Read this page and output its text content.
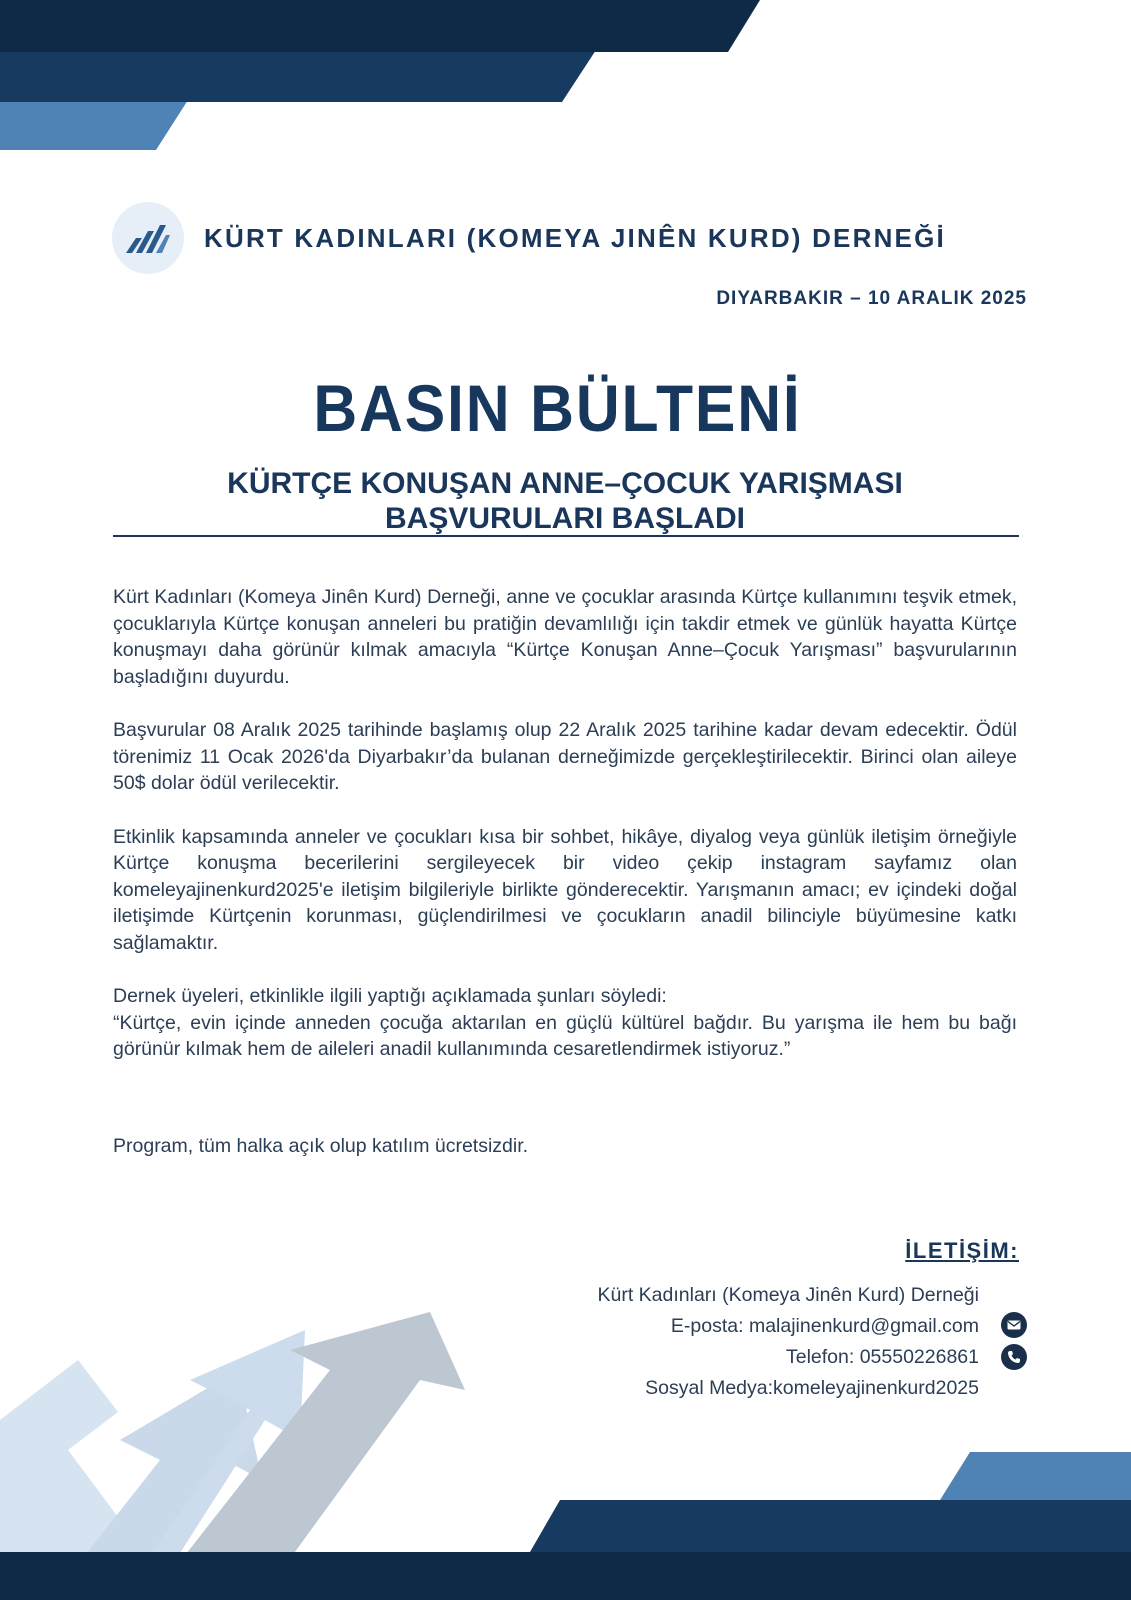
KÜRT KADINLARI (KOMEYA JINÊN KURD) DERNEĞİ
DIYARBAKIR – 10 ARALIK 2025
BASIN BÜLTENİ
KÜRTÇE KONUŞAN ANNE–ÇOCUK YARIŞMASI
BAŞVURULARI BAŞLADI

Kürt Kadınları (Komeya Jinên Kurd) Derneği, anne ve çocuklar arasında Kürtçe kullanımını teşvik etmek, çocuklarıyla Kürtçe konuşan anneleri bu pratiğin devamlılığı için takdir etmek ve günlük hayatta Kürtçe konuşmayı daha görünür kılmak amacıyla “Kürtçe Konuşan Anne–Çocuk Yarışması” başvurularının başladığını duyurdu.

Başvurular 08 Aralık 2025 tarihinde başlamış olup 22 Aralık 2025 tarihine kadar devam edecektir. Ödül törenimiz 11 Ocak 2026'da Diyarbakır’da bulanan derneğimizde gerçekleştirilecektir. Birinci olan aileye 50$ dolar ödül verilecektir.

Etkinlik kapsamında anneler ve çocukları kısa bir sohbet, hikâye, diyalog veya günlük iletişim örneğiyle Kürtçe konuşma becerilerini sergileyecek bir video çekip instagram sayfamız olan komeleyajinenkurd2025'e iletişim bilgileriyle birlikte gönderecektir. Yarışmanın amacı; ev içindeki doğal iletişimde Kürtçenin korunması, güçlendirilmesi ve çocukların anadil bilinciyle büyümesine katkı sağlamaktır.

Dernek üyeleri, etkinlikle ilgili yaptığı açıklamada şunları söyledi:

“Kürtçe, evin içinde anneden çocuğa aktarılan en güçlü kültürel bağdır. Bu yarışma ile hem bu bağı görünür kılmak hem de aileleri anadil kullanımında cesaretlendirmek istiyoruz.”

Program, tüm halka açık olup katılım ücretsizdir.

İLETİŞİM:
Kürt Kadınları (Komeya Jinên Kurd) Derneği
E-posta: malajinenkurd@gmail.com
Telefon: 05550226861
Sosyal Medya:komeleyajinenkurd2025
